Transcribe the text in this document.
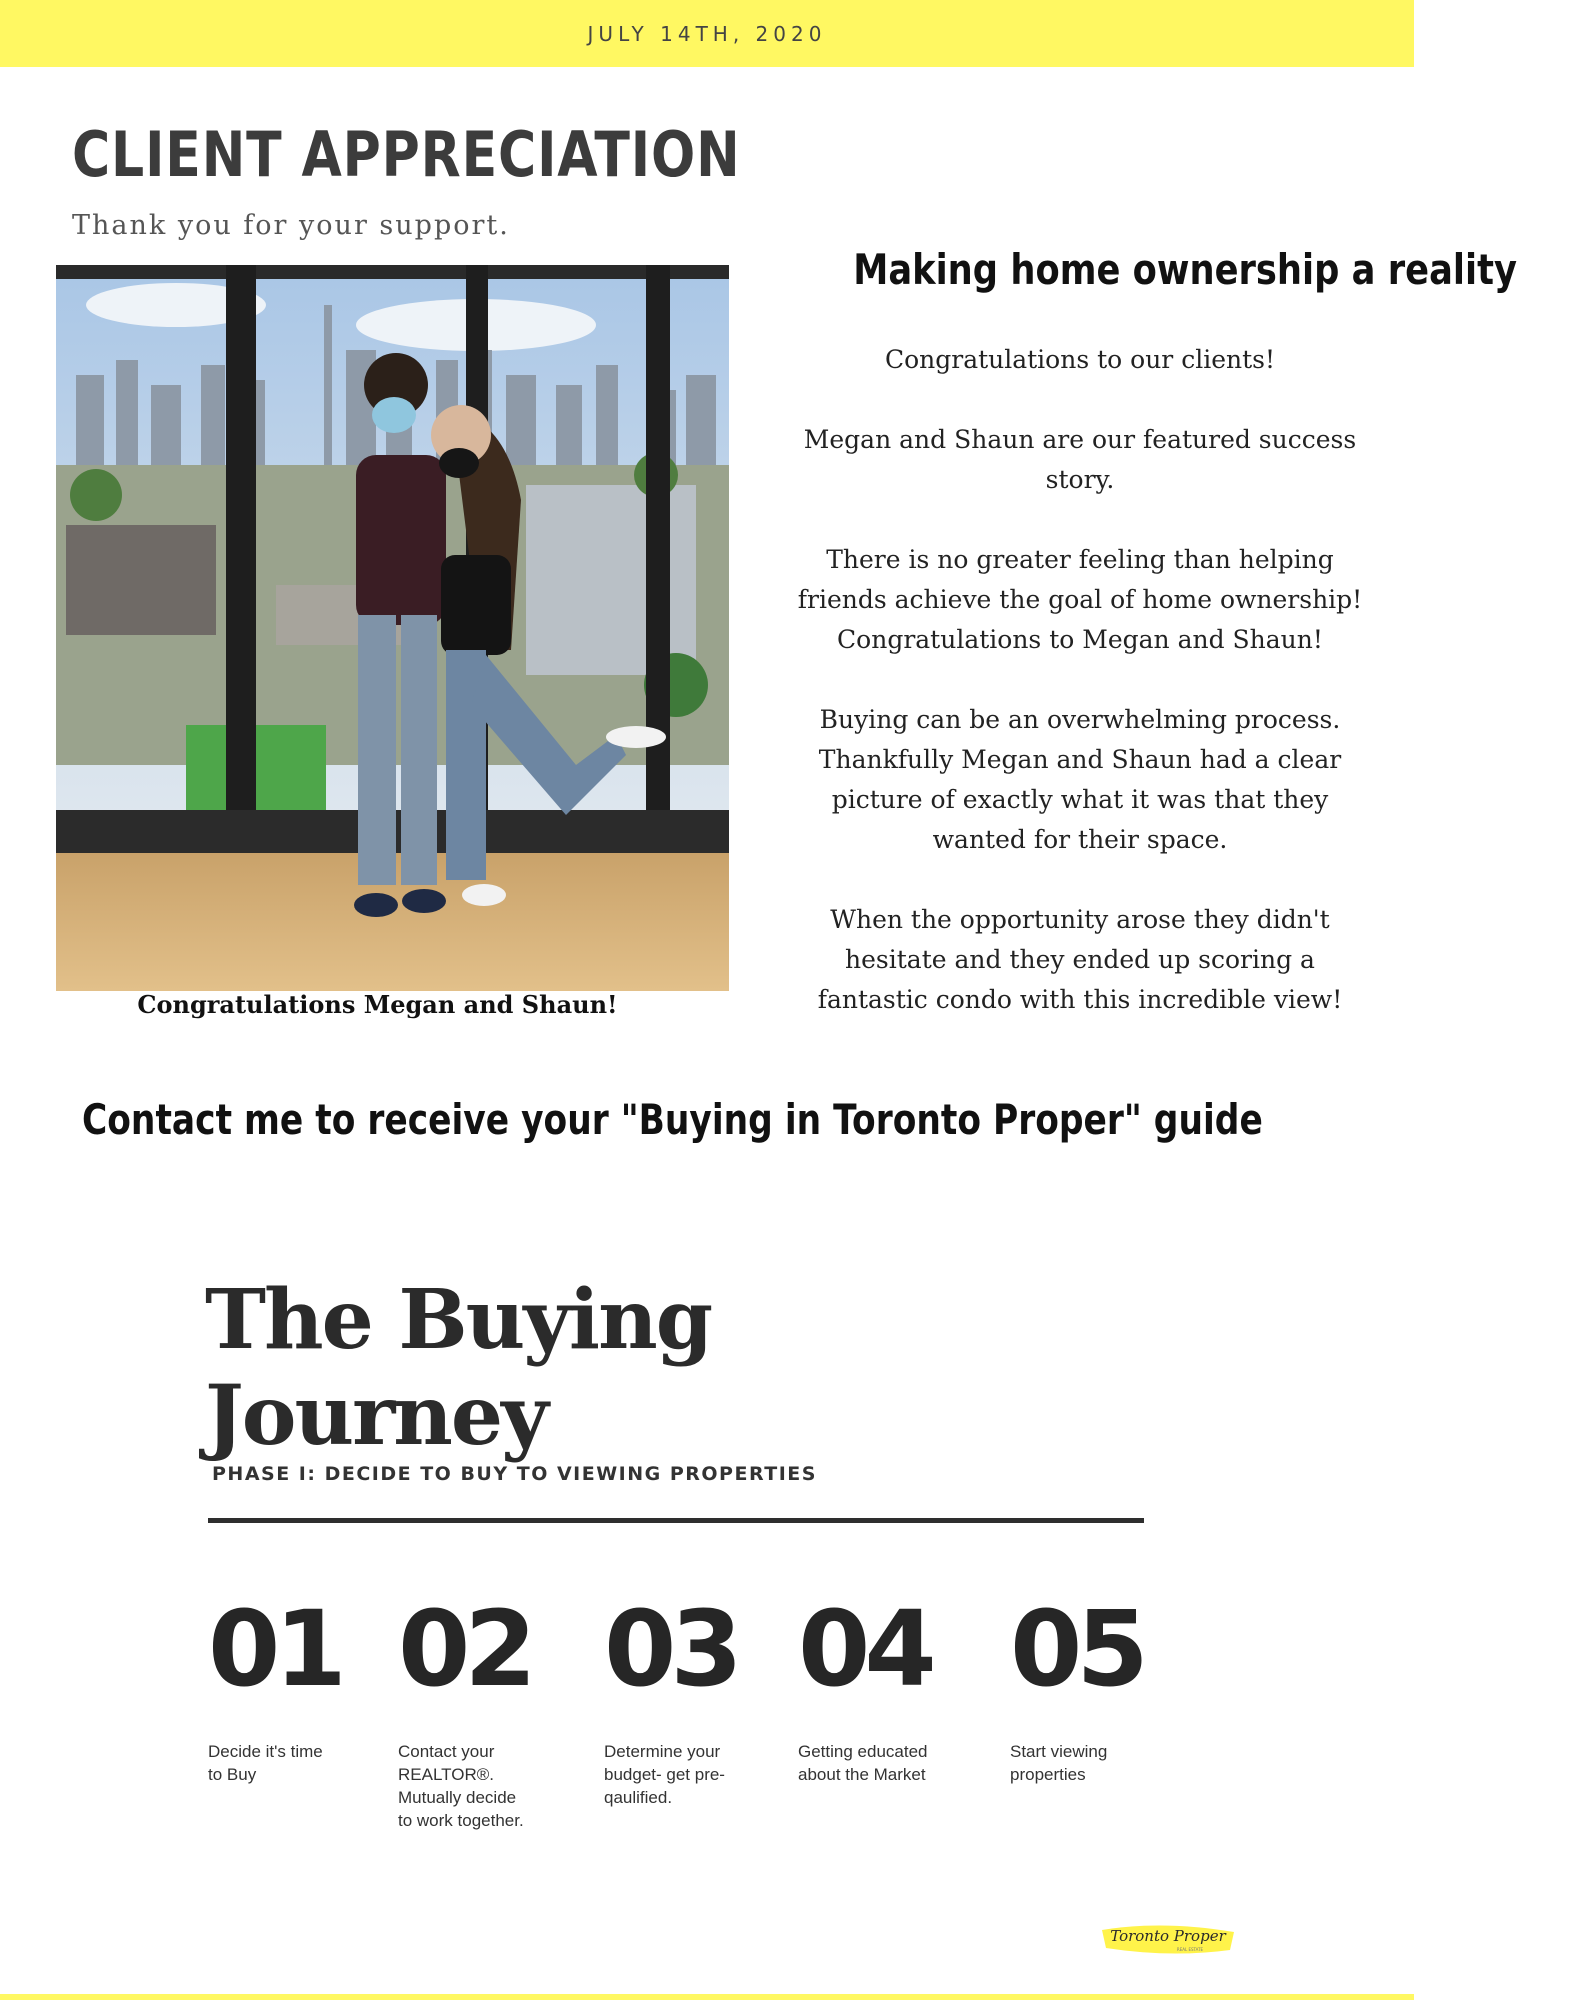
JULY 14TH, 2020
CLIENT APPRECIATION

Thank you for your support.

Congratulations Megan and Shaun!

Making home ownership a reality

Congratulations to our clients!

Megan and Shaun are our featured success story.

There is no greater feeling than helping friends achieve the goal of home ownership! Congratulations to Megan and Shaun!

Buying can be an overwhelming process. Thankfully Megan and Shaun had a clear picture of exactly what it was that they wanted for their space.

When the opportunity arose they didn't hesitate and they ended up scoring a fantastic condo with this incredible view!

Contact me to receive your "Buying in Toronto Proper" guide
The Buying
Journey

PHASE I: DECIDE TO BUY TO VIEWING PROPERTIES

01
Decide it's time to Buy
02
Contact your REALTOR®. Mutually decide to work together.
03
Determine your budget- get pre-qaulified.
04
Getting educated about the Market
05
Start viewing properties
Toronto Proper
REAL ESTATE
